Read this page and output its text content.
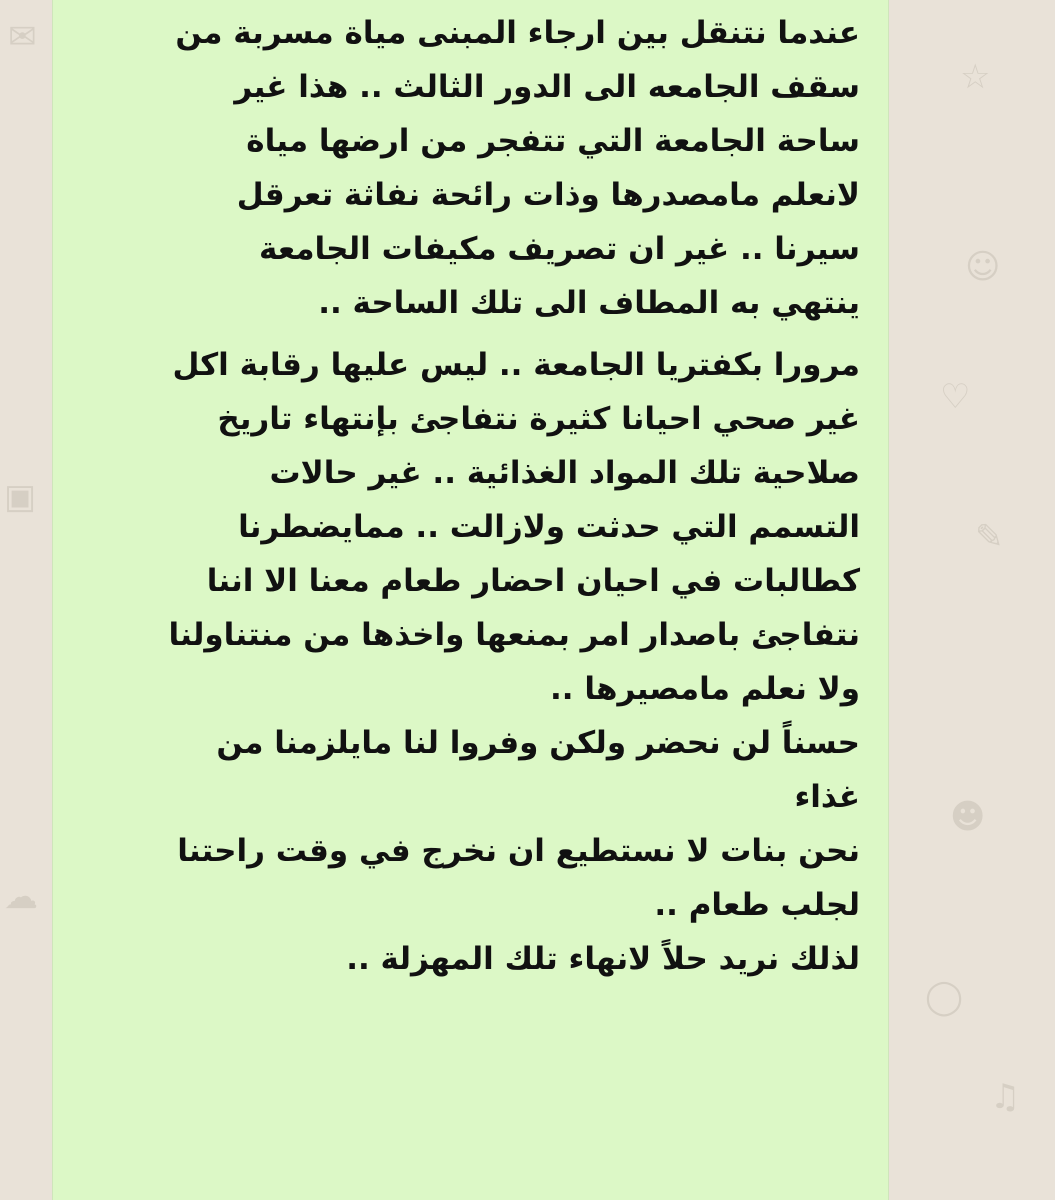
✉
☆
☺
♡
✎
☻
◯
♫
▣
☁

عندما نتنقل بين ارجاء المبنى مياة مسربة من
سقف الجامعه الى الدور الثالث .. هذا غير
ساحة الجامعة التي تتفجر من ارضها مياة
لانعلم مامصدرها وذات رائحة نفاثة تعرقل
سيرنا .. غير ان تصريف مكيفات الجامعة
ينتهي به المطاف الى تلك الساحة ..
مرورا بكفتريا الجامعة .. ليس عليها رقابة اكل
غير صحي احيانا كثيرة نتفاجئ بإنتهاء تاريخ
صلاحية تلك المواد الغذائية .. غير حالات
التسمم التي حدثت ولازالت .. ممايضطرنا
كطالبات في احيان احضار طعام معنا الا اننا
نتفاجئ باصدار امر بمنعها واخذها من منتناولنا
ولا نعلم مامصيرها ..
حسناً لن نحضر ولكن وفروا لنا مايلزمنا من
غذاء
نحن بنات لا نستطيع ان نخرج في وقت راحتنا
لجلب طعام ..
لذلك نريد حلاً لانهاء تلك المهزلة ..
